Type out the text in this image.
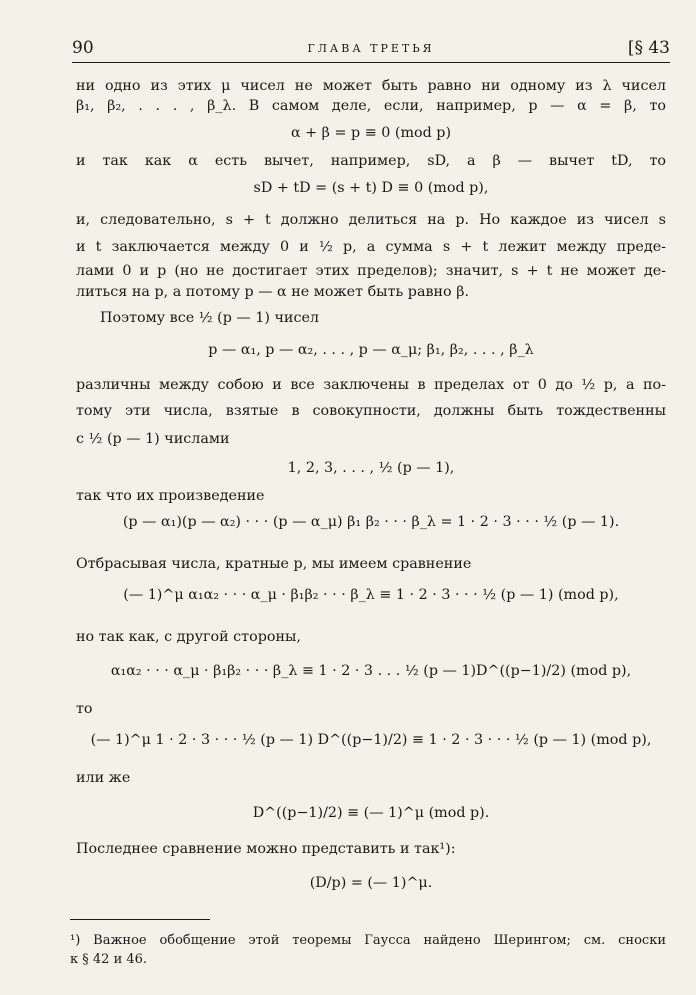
90	ГЛАВА ТРЕТЬЯ	[§ 43
ни одно из этих μ чисел не может быть равно ни одному из λ чисел
β₁, β₂, . . . , β_λ. В самом деле, если, например, p — α = β, то
α + β = p ≡ 0 (mod p)
и так как α есть вычет, например, sD, а β — вычет tD, то
sD + tD = (s + t) D ≡ 0 (mod p),
и, следовательно, s + t должно делиться на p. Но каждое из чисел s
и t заключается между 0 и ½ p, а сумма s + t лежит между преде-
лами 0 и p (но не достигает этих пределов); значит, s + t не может де-
литься на p, а потому p — α не может быть равно β.
Поэтому все ½ (p — 1) чисел
p — α₁, p — α₂, . . . , p — α_μ; β₁, β₂, . . . , β_λ
различны между собою и все заключены в пределах от 0 до ½ p, а по-
тому эти числа, взятые в совокупности, должны быть тождественны
с ½ (p — 1) числами
1, 2, 3, . . . , ½ (p — 1),
так что их произведение
(p — α₁)(p — α₂) · · · (p — α_μ) β₁ β₂ · · · β_λ = 1 · 2 · 3 · · · ½ (p — 1).
Отбрасывая числа, кратные p, мы имеем сравнение
(— 1)^μ α₁α₂ · · · α_μ · β₁β₂ · · · β_λ ≡ 1 · 2 · 3 · · · ½ (p — 1) (mod p),
но так как, с другой стороны,
α₁α₂ · · · α_μ · β₁β₂ · · · β_λ ≡ 1 · 2 · 3 . . . ½ (p — 1)D^((p−1)/2) (mod p),
то
(— 1)^μ 1 · 2 · 3 · · · ½ (p — 1) D^((p−1)/2) ≡ 1 · 2 · 3 · · · ½ (p — 1) (mod p),
или же
D^((p−1)/2) ≡ (— 1)^μ (mod p).
Последнее сравнение можно представить и так¹):
(D/p) = (— 1)^μ.
¹) Важное обобщение этой теоремы Гаусса найдено Шерингом; см. сноски
к § 42 и 46.
